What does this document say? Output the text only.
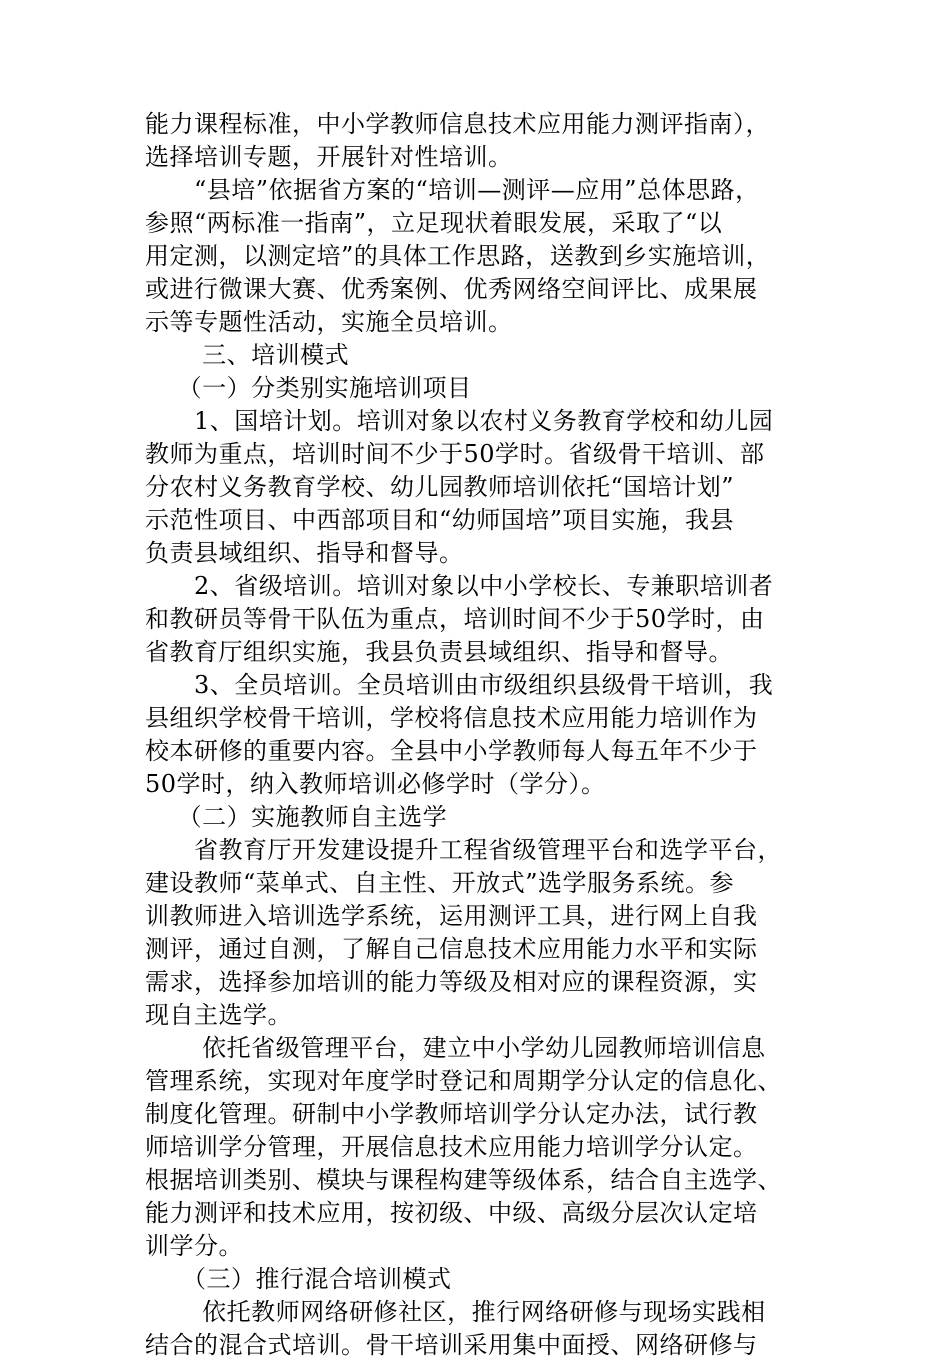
能力课程标准，中小学教师信息技术应用能力测评指南），
选择培训专题，开展针对性培训。
　　“县培”依据省方案的“培训—测评—应用”总体思路，
参照“两标准一指南”，立足现状着眼发展，采取了“以
用定测，以测定培”的具体工作思路，送教到乡实施培训，
或进行微课大赛、优秀案例、优秀网络空间评比、成果展
示等专题性活动，实施全员培训。
　　 三、培训模式
　 （一）分类别实施培训项目
　　1、国培计划。培训对象以农村义务教育学校和幼儿园
教师为重点，培训时间不少于50学时。省级骨干培训、部
分农村义务教育学校、幼儿园教师培训依托“国培计划”
示范性项目、中西部项目和“幼师国培”项目实施，我县
负责县域组织、指导和督导。
　　2、省级培训。培训对象以中小学校长、专兼职培训者
和教研员等骨干队伍为重点，培训时间不少于50学时，由
省教育厅组织实施，我县负责县域组织、指导和督导。
　　3、全员培训。全员培训由市级组织县级骨干培训，我
县组织学校骨干培训，学校将信息技术应用能力培训作为
校本研修的重要内容。全县中小学教师每人每五年不少于
50学时，纳入教师培训必修学时（学分）。
　 （二）实施教师自主选学
　　省教育厅开发建设提升工程省级管理平台和选学平台，
建设教师“菜单式、自主性、开放式”选学服务系统。参
训教师进入培训选学系统，运用测评工具，进行网上自我
测评，通过自测，了解自己信息技术应用能力水平和实际
需求，选择参加培训的能力等级及相对应的课程资源，实
现自主选学。
　　 依托省级管理平台，建立中小学幼儿园教师培训信息
管理系统，实现对年度学时登记和周期学分认定的信息化、
制度化管理。研制中小学教师培训学分认定办法，试行教
师培训学分管理，开展信息技术应用能力培训学分认定。
根据培训类别、模块与课程构建等级体系，结合自主选学、
能力测评和技术应用，按初级、中级、高级分层次认定培
训学分。
　　（三）推行混合培训模式
　　 依托教师网络研修社区，推行网络研修与现场实践相
结合的混合式培训。骨干培训采用集中面授、网络研修与
